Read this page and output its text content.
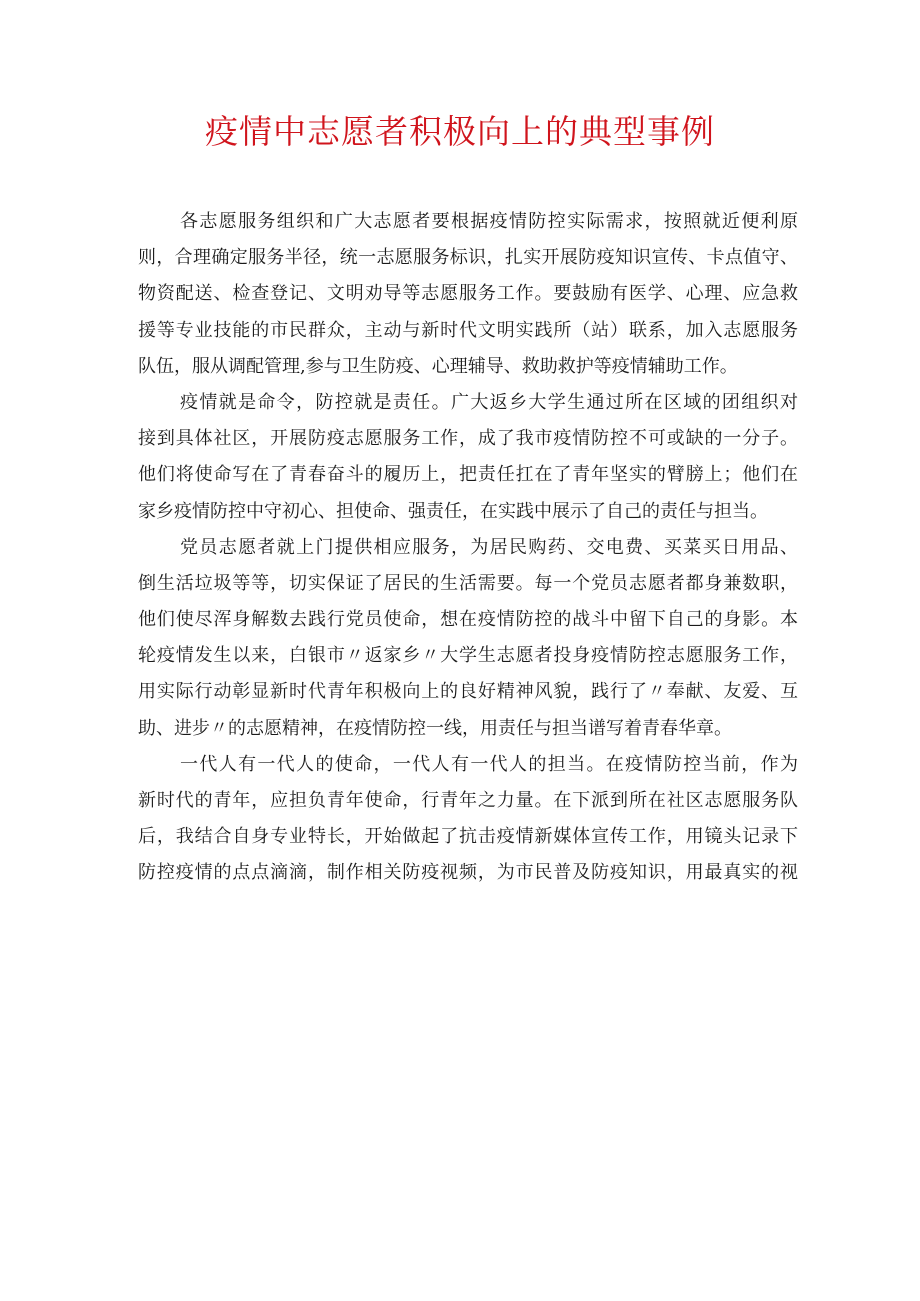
疫情中志愿者积极向上的典型事例
各志愿服务组织和广大志愿者要根据疫情防控实际需求，按照就近便利原
则，合理确定服务半径，统一志愿服务标识，扎实开展防疫知识宣传、卡点值守、
物资配送、检查登记、文明劝导等志愿服务工作。要鼓励有医学、心理、应急救
援等专业技能的市民群众，主动与新时代文明实践所（站）联系，加入志愿服务
队伍，服从调配管理,参与卫生防疫、心理辅导、救助救护等疫情辅助工作。
疫情就是命令，防控就是责任。广大返乡大学生通过所在区域的团组织对
接到具体社区，开展防疫志愿服务工作，成了我市疫情防控不可或缺的一分子。
他们将使命写在了青春奋斗的履历上，把责任扛在了青年坚实的臂膀上；他们在
家乡疫情防控中守初心、担使命、强责任，在实践中展示了自己的责任与担当。
党员志愿者就上门提供相应服务，为居民购药、交电费、买菜买日用品、
倒生活垃圾等等，切实保证了居民的生活需要。每一个党员志愿者都身兼数职，
他们使尽浑身解数去践行党员使命，想在疫情防控的战斗中留下自己的身影。本
轮疫情发生以来，白银市〃返家乡〃大学生志愿者投身疫情防控志愿服务工作，
用实际行动彰显新时代青年积极向上的良好精神风貌，践行了〃奉献、友爱、互
助、进步〃的志愿精神，在疫情防控一线，用责任与担当谱写着青春华章。
一代人有一代人的使命，一代人有一代人的担当。在疫情防控当前，作为
新时代的青年，应担负青年使命，行青年之力量。在下派到所在社区志愿服务队
后，我结合自身专业特长，开始做起了抗击疫情新媒体宣传工作，用镜头记录下
防控疫情的点点滴滴，制作相关防疫视频，为市民普及防疫知识，用最真实的视
